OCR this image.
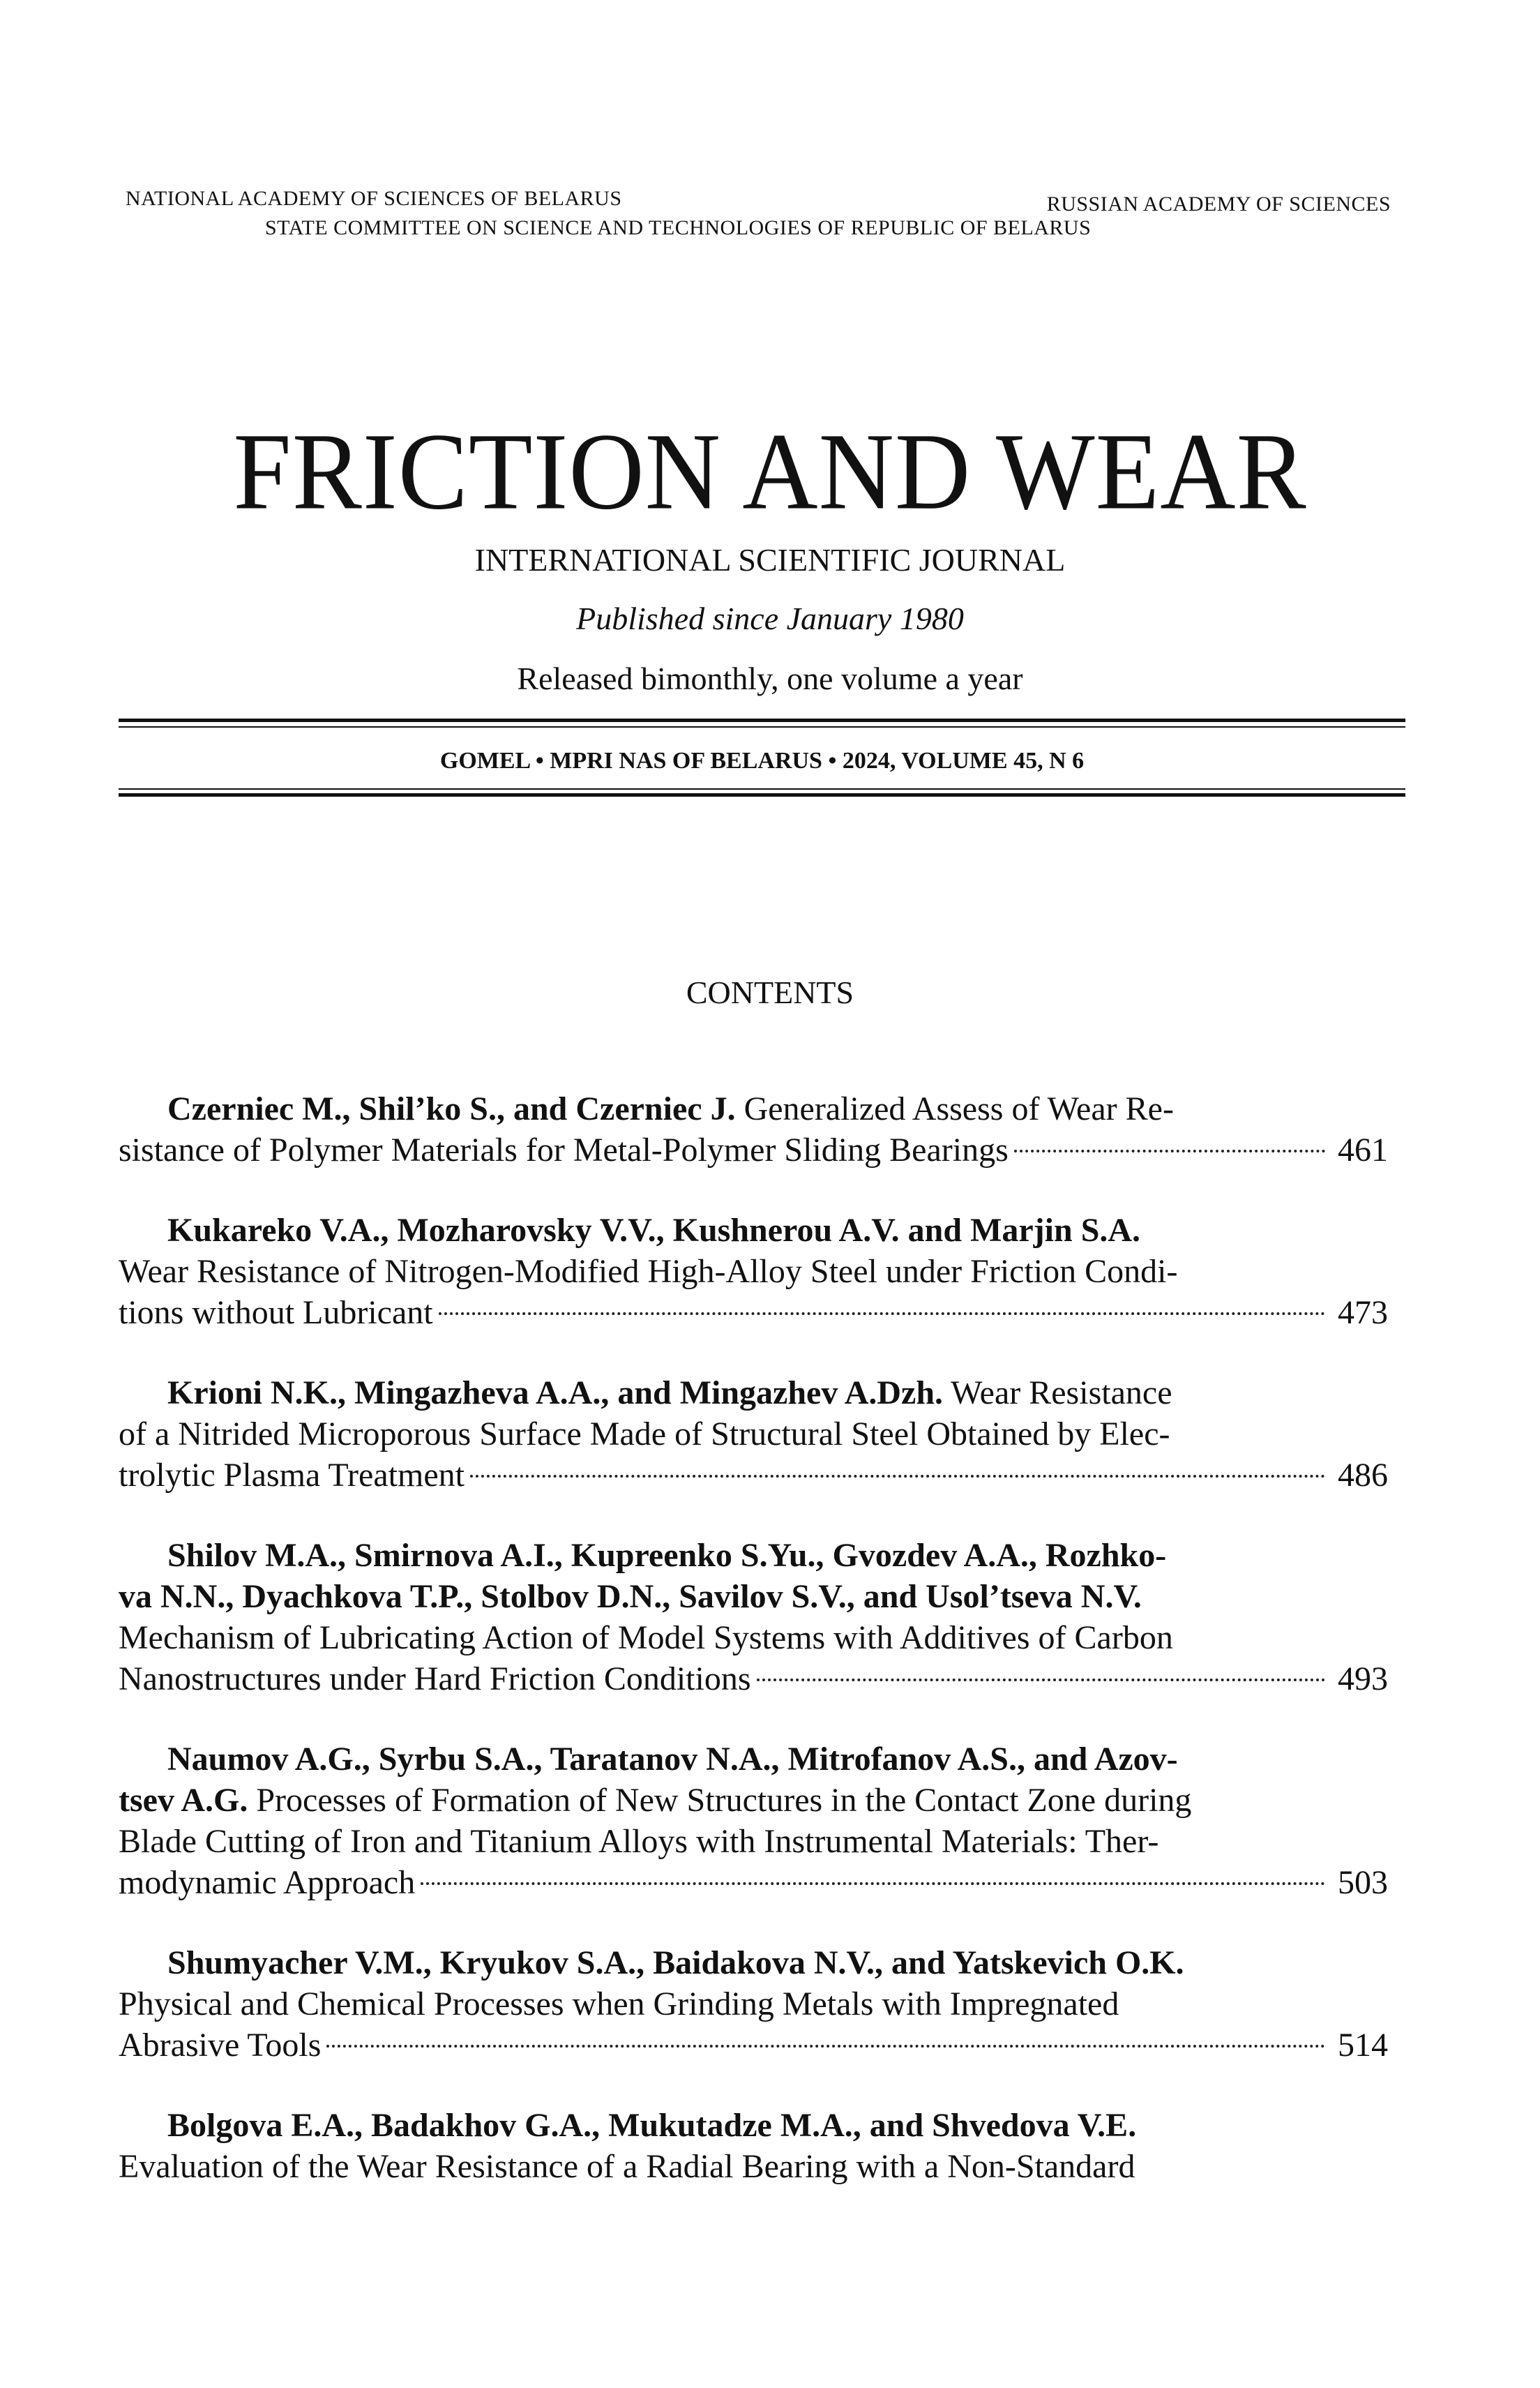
NATIONAL ACADEMY OF SCIENCES OF BELARUS	RUSSIAN ACADEMY OF SCIENCES
STATE COMMITTEE ON SCIENCE AND TECHNOLOGIES OF REPUBLIC OF BELARUS
FRICTION AND WEAR
INTERNATIONAL SCIENTIFIC JOURNAL
Published since January 1980
Released bimonthly, one volume a year
GOMEL • MPRI NAS OF BELARUS • 2024, VOLUME 45, N 6
CONTENTS
Czerniec M., Shil’ko S., and Czerniec J. Generalized Assess of Wear Re-
sistance of Polymer Materials for Metal-Polymer Sliding Bearings	461
Kukareko V.A., Mozharovsky V.V., Kushnerou A.V. and Marjin S.A.
Wear Resistance of Nitrogen-Modified High-Alloy Steel under Friction Condi-
tions without Lubricant	473
Krioni N.K., Mingazheva A.A., and Mingazhev A.Dzh. Wear Resistance
of a Nitrided Microporous Surface Made of Structural Steel Obtained by Elec-
trolytic Plasma Treatment	486
Shilov M.A., Smirnova A.I., Kupreenko S.Yu., Gvozdev A.A., Rozhko-
va N.N., Dyachkova T.P., Stolbov D.N., Savilov S.V., and Usol’tseva N.V.
Mechanism of Lubricating Action of Model Systems with Additives of Carbon
Nanostructures under Hard Friction Conditions	493
Naumov A.G., Syrbu S.A., Taratanov N.A., Mitrofanov A.S., and Azov-
tsev A.G. Processes of Formation of New Structures in the Contact Zone during
Blade Cutting of Iron and Titanium Alloys with Instrumental Materials: Ther-
modynamic Approach	503
Shumyacher V.M., Kryukov S.A., Baidakova N.V., and Yatskevich O.K.
Physical and Chemical Processes when Grinding Metals with Impregnated
Abrasive Tools	514
Bolgova E.A., Badakhov G.A., Mukutadze M.A., and Shvedova V.E.
Evaluation of the Wear Resistance of a Radial Bearing with a Non-Standard
